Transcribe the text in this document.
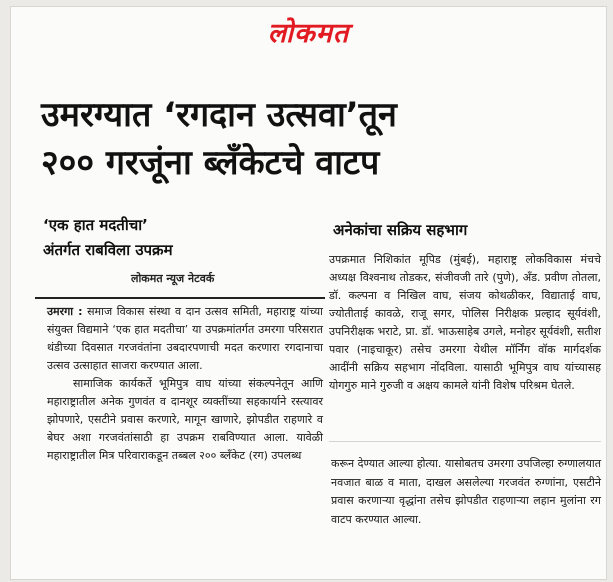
लोकमत
उमरग्यात ‘रगदान उत्सवा’तून
२०० गरजूंना ब्लँकेटचे वाटप
‘एक हात मदतीचा’
अंतर्गत राबविला उपक्रम
लोकमत न्यूज नेटवर्क

उमरगा : समाज विकास संस्था व दान उत्सव समिती, महाराष्ट्र यांच्या संयुक्त विद्यमाने ‘एक हात मदतीचा’ या उपक्रमांतर्गत उमरगा परिसरात थंडीच्या दिवसात गरजवंतांना उबदारपणाची मदत करणारा रगदानाचा उत्सव उत्साहात साजरा करण्यात आला.

सामाजिक कार्यकर्ते भूमिपुत्र वाघ यांच्या संकल्पनेतून आणि महाराष्ट्रातील अनेक गुणवंत व दानशूर व्यक्तींच्या सहकार्याने रस्त्यावर झोपणारे, एसटीने प्रवास करणारे, मागून खाणारे, झोपडीत राहणारे व बेघर अशा गरजवंतांसाठी हा उपक्रम राबविण्यात आला. यावेळी महाराष्ट्रातील मित्र परिवाराकडून तब्बल २०० ब्लँकेट (रग) उपलब्ध

अनेकांचा सक्रिय सहभाग
उपक्रमात निशिकांत मूपिड (मुंबई), महाराष्ट्र लोकविकास मंचचे अध्यक्ष विश्वनाथ तोडकर, संजीवजी तारे (पुणे), अँड. प्रवीण तोतला, डॉ. कल्पना व निखिल वाघ, संजय कोथळीकर, विद्याताई वाघ, ज्योतीताई कावळे, राजू सगर, पोलिस निरीक्षक प्रल्हाद सूर्यवंशी, उपनिरीक्षक भराटे, प्रा. डॉ. भाऊसाहेब उगले, मनोहर सूर्यवंशी, सतीश पवार (नाइचाकूर) तसेच उमरगा येथील मॉर्निंग वॉक मार्गदर्शक आदींनी सक्रिय सहभाग नोंदविला. यासाठी भूमिपुत्र वाघ यांच्यासह योगगुरु माने गुरुजी व अक्षय कामले यांनी विशेष परिश्रम घेतले.
करून देण्यात आल्या होत्या. यासोबतच उमरगा उपजिल्हा रुग्णालयात नवजात बाळ व माता, दाखल असलेल्या गरजवंत रुग्णांना, एसटीने प्रवास करणाऱ्या वृद्धांना तसेच झोपडीत राहणाऱ्या लहान मुलांना रग वाटप करण्यात आल्या.
